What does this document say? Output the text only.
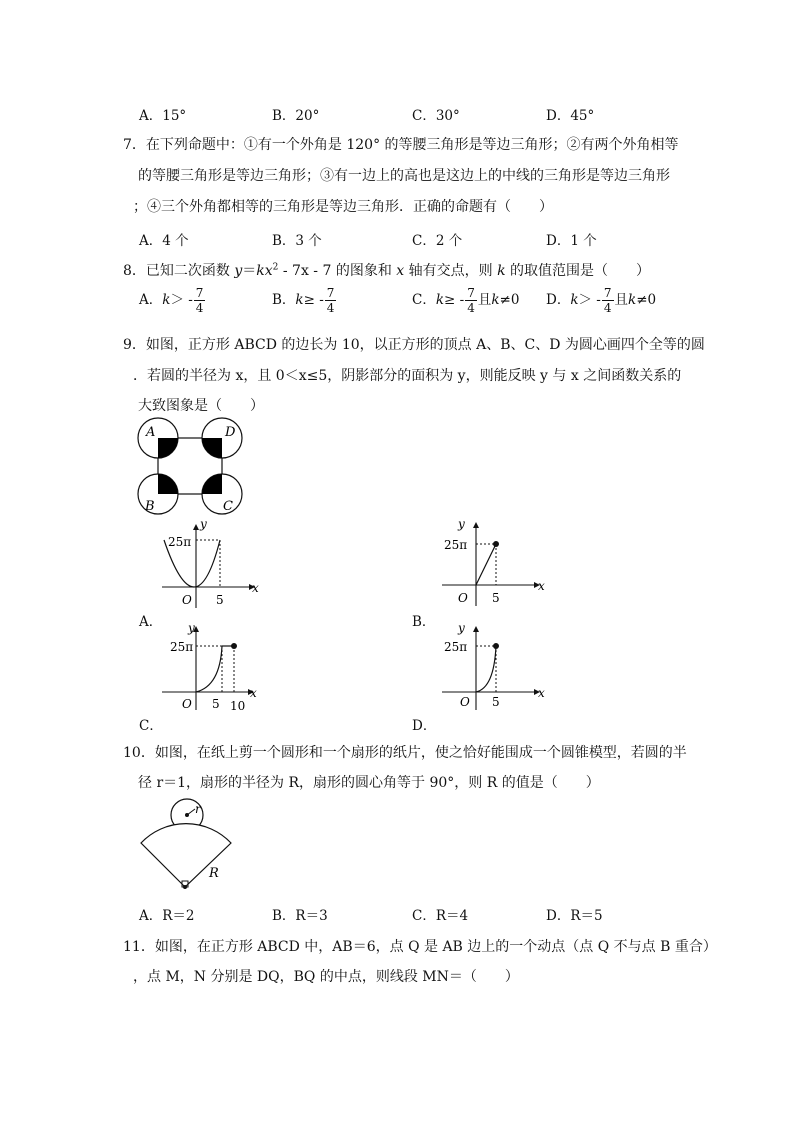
A．15°	B．20°	C．30°	D．45°
7．在下列命题中：①有一个外角是 120° 的等腰三角形是等边三角形；②有两个外角相等
的等腰三角形是等边三角形；③有一边上的高也是这边上的中线的三角形是等边三角形
；④三个外角都相等的三角形是等边三角形．正确的命题有（　　）
A．4 个	B．3 个	C．2 个	D．1 个
8．已知二次函数 $y=kx^2 - 7x - 7$ 的图象和 x 轴有交点，则 k 的取值范围是（　　）
A．$k> - \frac{7}{4}$	B．$k\ge - \frac{7}{4}$	C．$k\ge - \frac{7}{4}$ 且k≠0 D．$k> - \frac{7}{4}$ 且k≠0
9．如图，正方形 ABCD 的边长为 10，以正方形的顶点 A、B、C、D 为圆心画四个全等的圆
．若圆的半径为 x，且 0＜x≤5，阴影部分的面积为 y，则能反映 y 与 x 之间函数关系的
大致图象是（　　）
A	D
B	C
y
x
O
25π
5
A．
y
x
O
25π
5
B．
y
x
O
25π
5 10
C．
y
x
O
25π
5
D．
10．如图，在纸上剪一个圆形和一个扇形的纸片，使之恰好能围成一个圆锥模型，若圆的半
径 r＝1，扇形的半径为 R，扇形的圆心角等于 90°，则 R 的值是（　　）
r
R
A．R＝2	B．R＝3	C．R＝4	D．R＝5
11．如图，在正方形 ABCD 中，AB＝6，点 Q 是 AB 边上的一个动点（点 Q 不与点 B 重合）
，点 M，N 分别是 DQ，BQ 的中点，则线段 MN＝（　　）
